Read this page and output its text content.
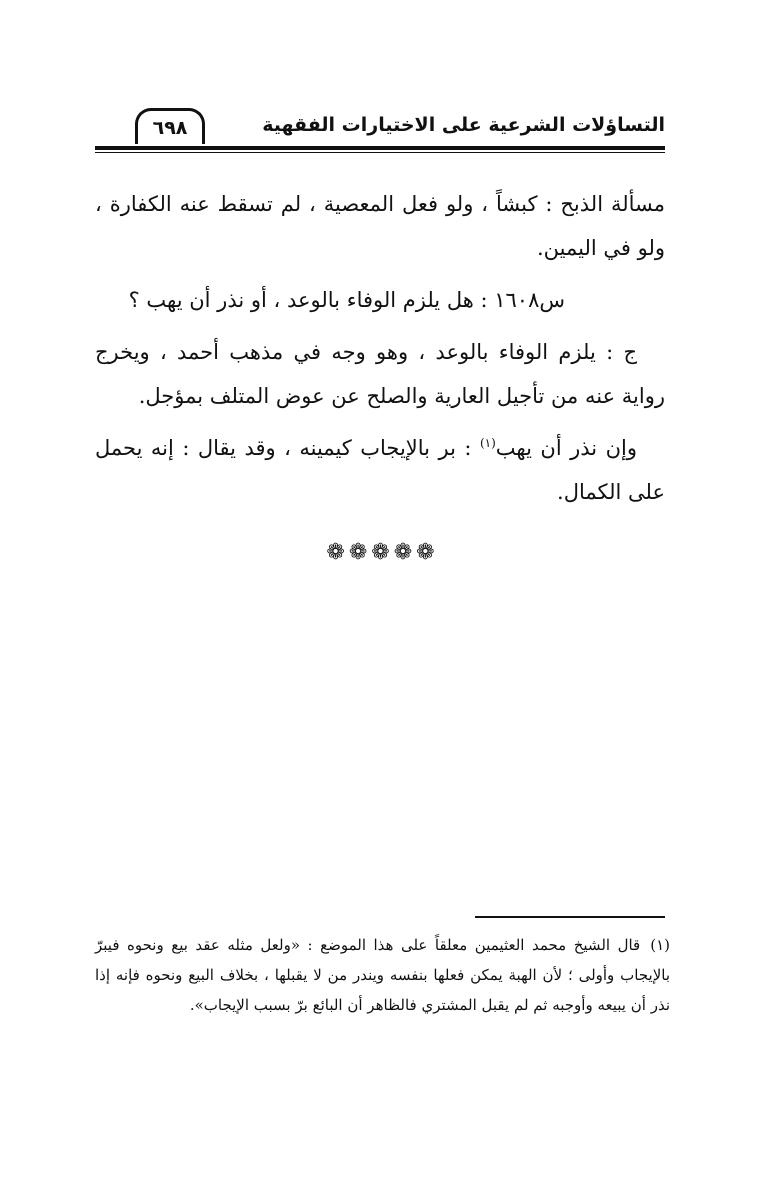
التساؤلات الشرعية على الاختيارات الفقهية
٦٩٨

مسألة الذبح : كبشاً ، ولو فعل المعصية ، لم تسقط عنه الكفارة ، ولو في اليمين.

س١٦٠٨ : هل يلزم الوفاء بالوعد ، أو نذر أن يهب ؟

ج : يلزم الوفاء بالوعد ، وهو وجه في مذهب أحمد ، ويخرج رواية عنه من تأجيل العارية والصلح عن عوض المتلف بمؤجل.

وإن نذر أن يهب$^{(١)}$ : بر بالإيجاب كيمينه ، وقد يقال : إنه يحمل على الكمال.

❁❁❁❁❁
(١)قال الشيخ محمد العثيمين معلقاً على هذا الموضع : «ولعل مثله عقد بيع ونحوه فيبرّ بالإيجاب وأولى ؛ لأن الهبة يمكن فعلها بنفسه ويندر من لا يقبلها ، بخلاف البيع ونحوه فإنه إذا نذر أن يبيعه وأوجبه ثم لم يقبل المشتري فالظاهر أن البائع برّ بسبب الإيجاب».
